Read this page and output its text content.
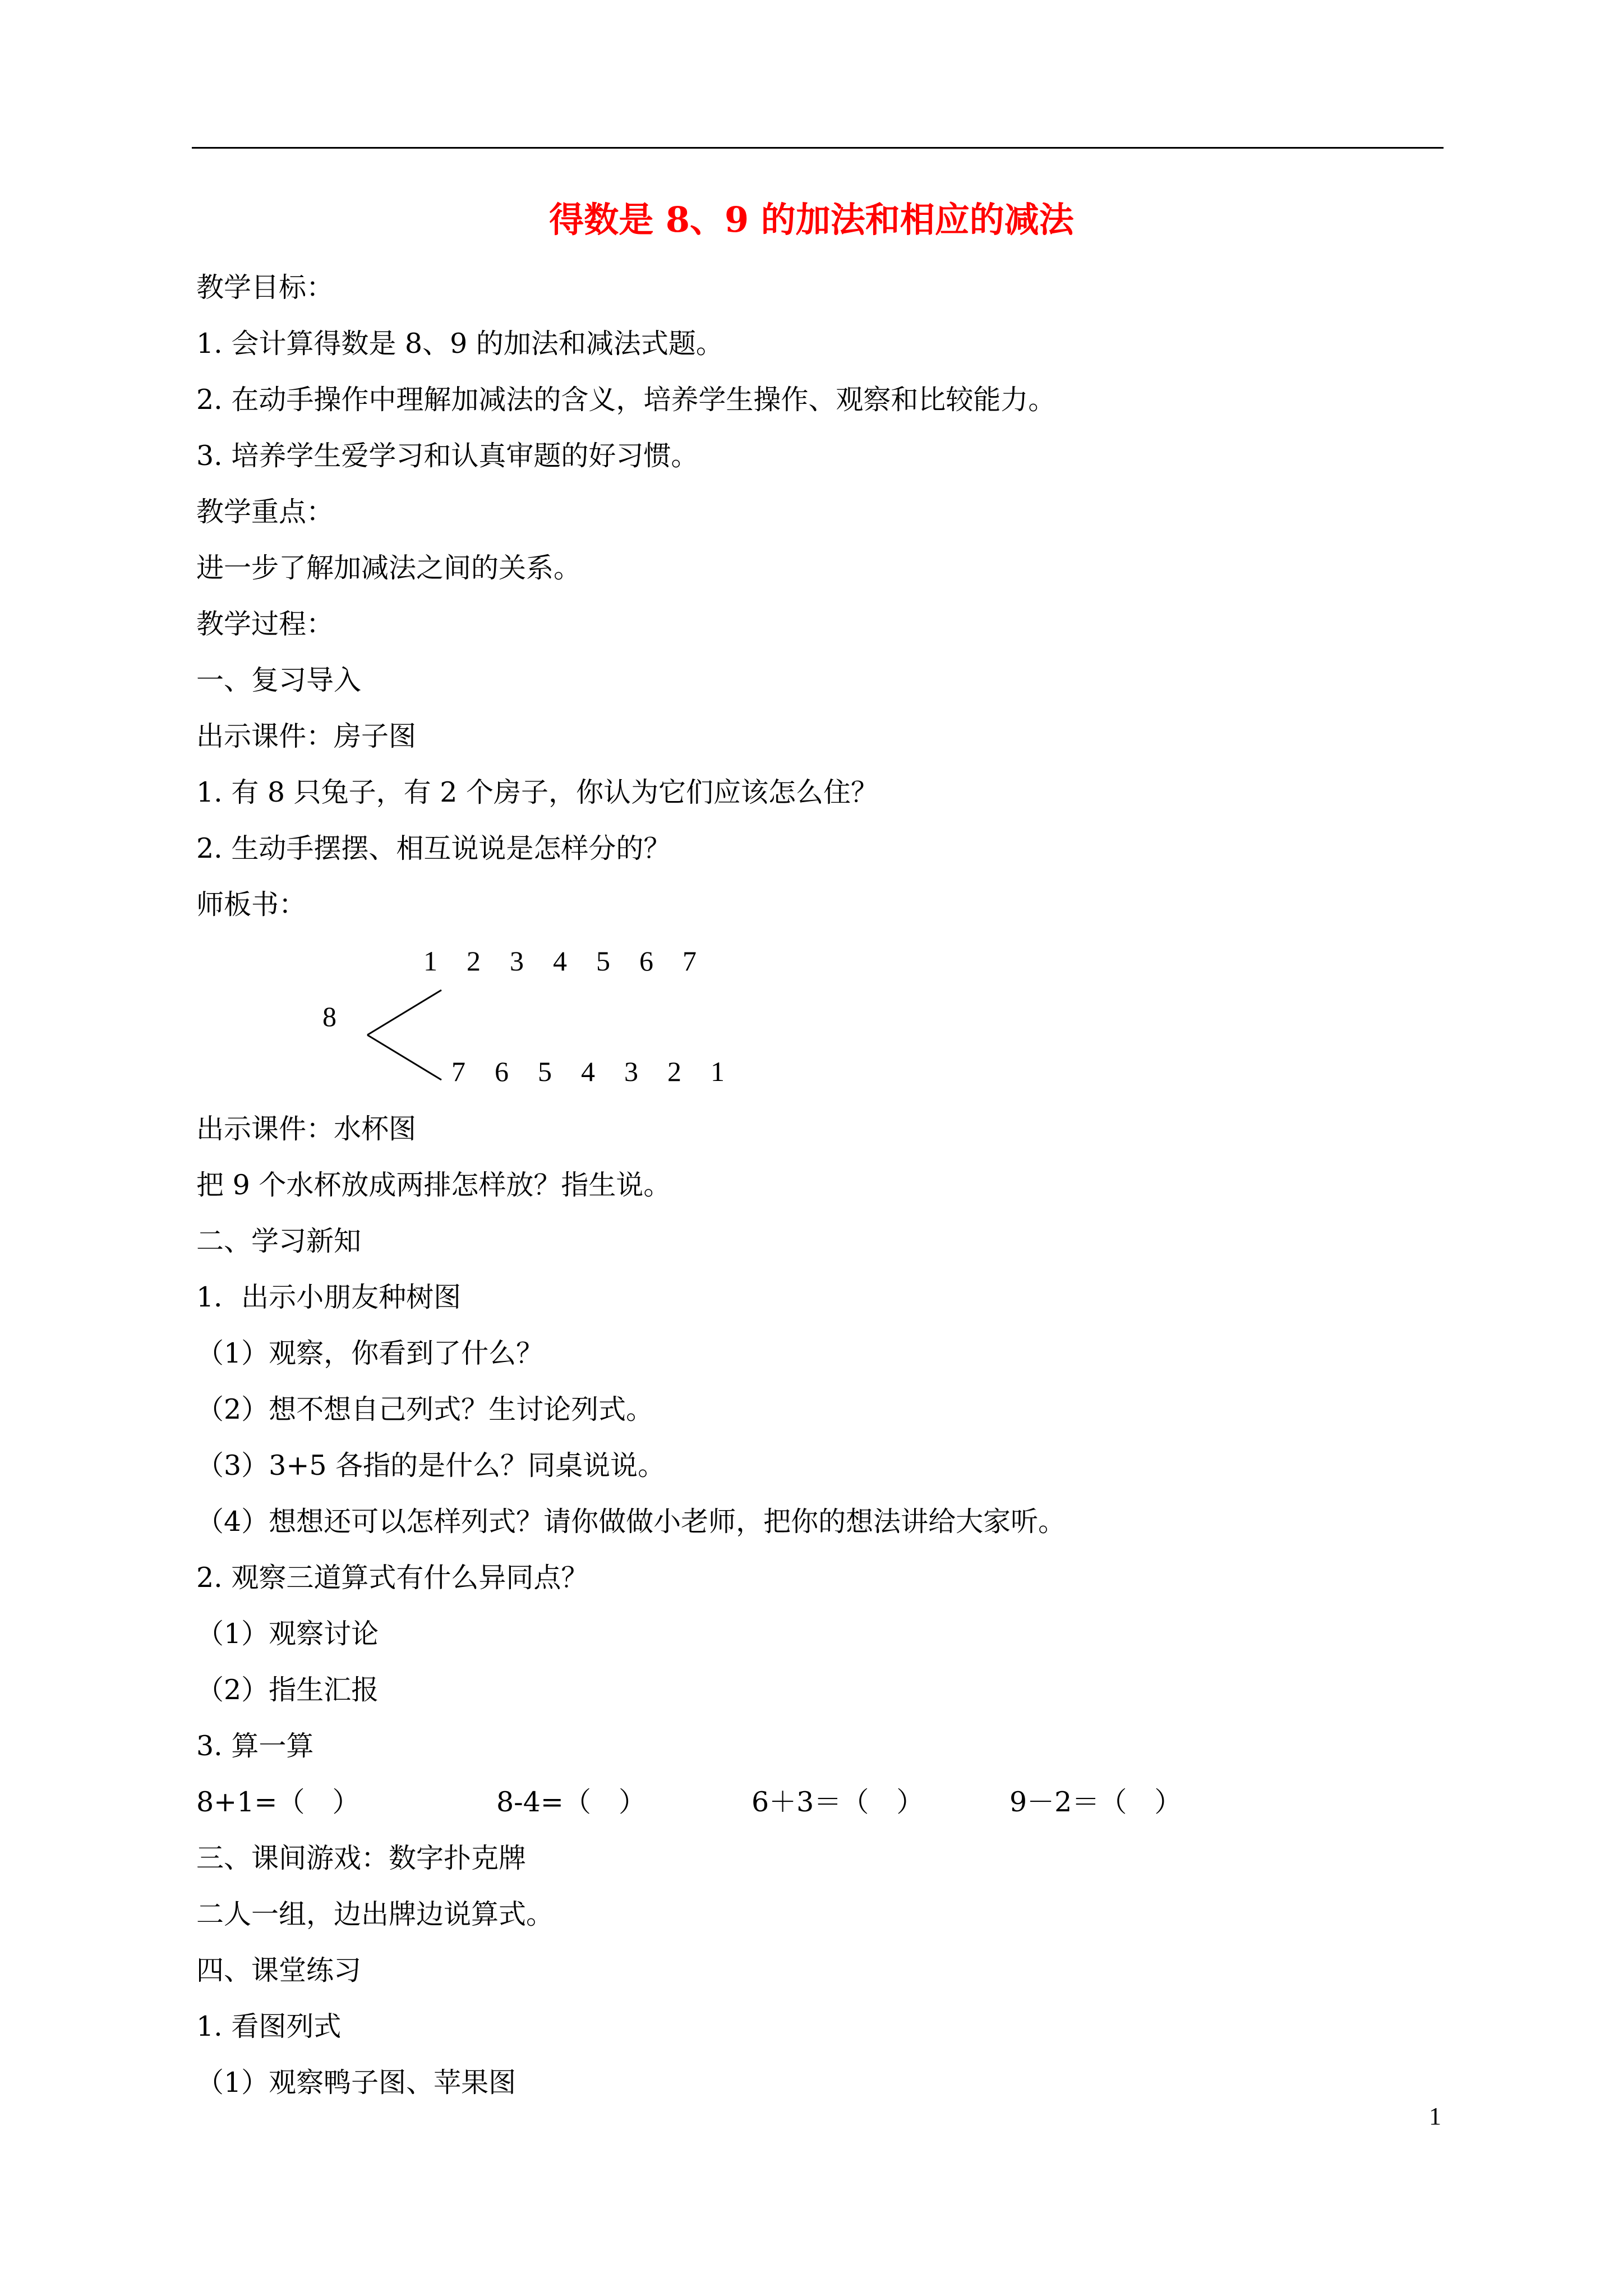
得数是 8、9 的加法和相应的减法
教学目标：
1. 会计算得数是 8、9 的加法和减法式题。
2. 在动手操作中理解加减法的含义，培养学生操作、观察和比较能力。
3. 培养学生爱学习和认真审题的好习惯。
教学重点：
进一步了解加减法之间的关系。
教学过程：
一、复习导入
出示课件：房子图
1. 有 8 只兔子，有 2 个房子，你认为它们应该怎么住？
2. 生动手摆摆、相互说说是怎样分的？
师板书：
1 2 3 4 5 6 7
8
7 6 5 4 3 2 1
出示课件：水杯图
把 9 个水杯放成两排怎样放？指生说。
二、学习新知
1．出示小朋友种树图
（1）观察，你看到了什么？
（2）想不想自己列式？生讨论列式。
（3）3+5 各指的是什么？同桌说说。
（4）想想还可以怎样列式？请你做做小老师，把你的想法讲给大家听。
2. 观察三道算式有什么异同点？
（1）观察讨论
（2）指生汇报
3. 算一算
8+1=（　）	8-4=（　）	6＋3＝（　）	9－2＝（　）
三、课间游戏：数字扑克牌
二人一组，边出牌边说算式。
四、课堂练习
1. 看图列式
（1）观察鸭子图、苹果图
1
